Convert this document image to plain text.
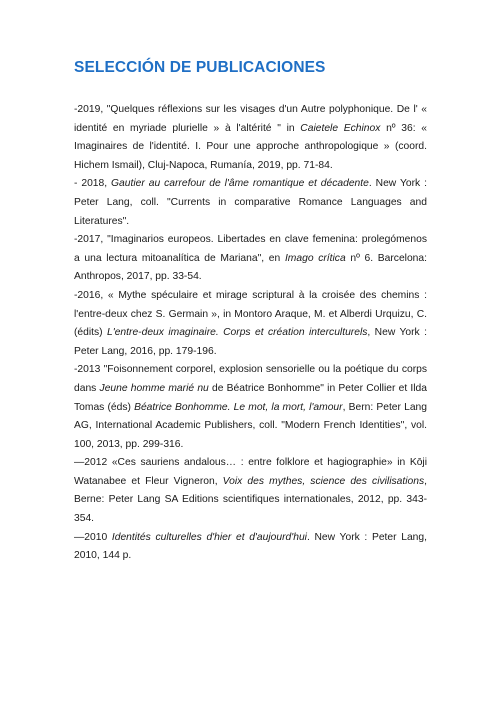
SELECCIÓN DE PUBLICACIONES

-2019, "Quelques réflexions sur les visages d'un Autre polyphonique. De l' « identité en myriade plurielle » à l'altérité " in Caietele Echinox nº 36: « Imaginaires de l'identité. I. Pour une approche anthropologique » (coord. Hichem Ismail), Cluj-Napoca, Rumanía, 2019, pp. 71-84.

- 2018, Gautier au carrefour de l'âme romantique et décadente. New York : Peter Lang, coll. "Currents in comparative Romance Languages and Literatures".

-2017, "Imaginarios europeos. Libertades en clave femenina: prolegómenos a una lectura mitoanalítica de Mariana", en Imago crítica nº 6. Barcelona: Anthropos, 2017, pp. 33-54.

-2016, « Mythe spéculaire et mirage scriptural à la croisée des chemins : l'entre-deux chez S. Germain », in Montoro Araque, M. et Alberdi Urquizu, C. (édits) L'entre-deux imaginaire. Corps et création interculturels, New York : Peter Lang, 2016, pp. 179-196.

-2013 "Foisonnement corporel, explosion sensorielle ou la poétique du corps dans Jeune homme marié nu de Béatrice Bonhomme" in Peter Collier et Ilda Tomas (éds) Béatrice Bonhomme. Le mot, la mort, l'amour, Bern: Peter Lang AG, International Academic Publishers, coll. "Modern French Identities", vol. 100, 2013, pp. 299-316.

—2012 «Ces sauriens andalous… : entre folklore et hagiographie» in Kōji Watanabee et Fleur Vigneron, Voix des mythes, science des civilisations, Berne: Peter Lang SA Editions scientifiques internationales, 2012, pp. 343-354.

—2010 Identités culturelles d'hier et d'aujourd'hui. New York : Peter Lang, 2010, 144 p.
